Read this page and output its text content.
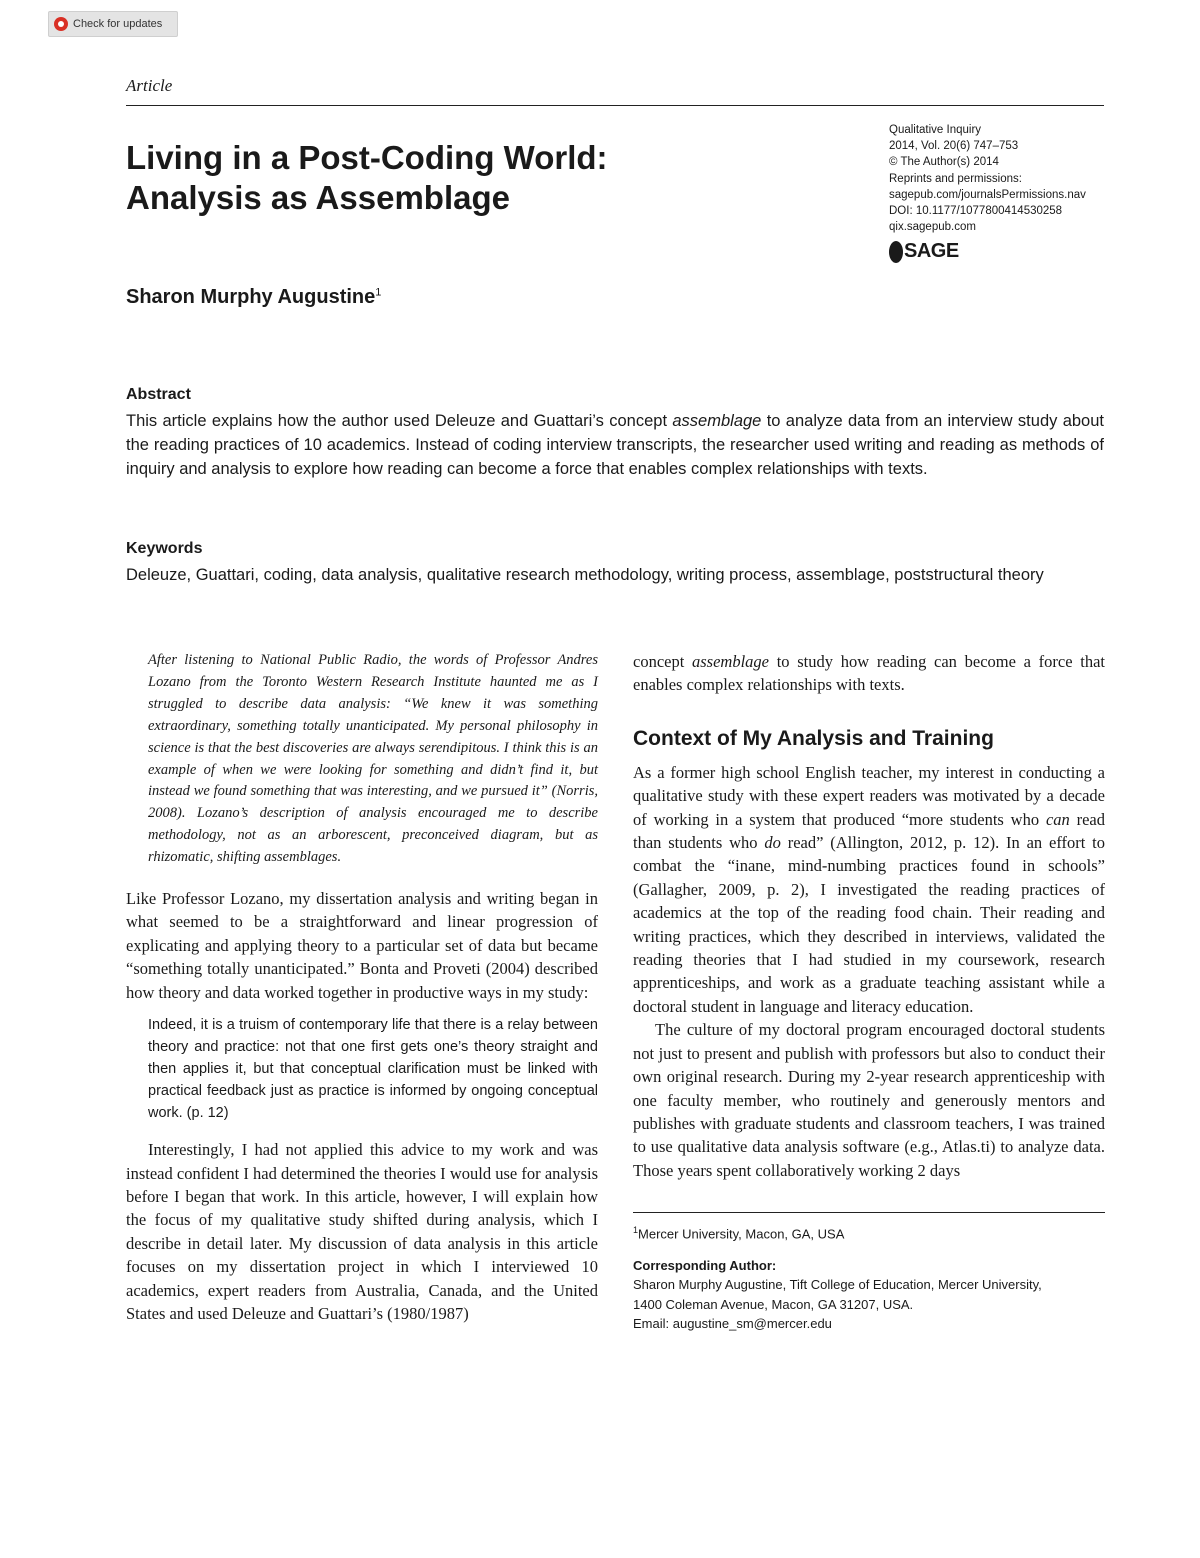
Check for updates
Article
Living in a Post-Coding World:
Analysis as Assemblage
Qualitative Inquiry
2014, Vol. 20(6) 747–753
© The Author(s) 2014
Reprints and permissions:
sagepub.com/journalsPermissions.nav
DOI: 10.1177/1077800414530258
qix.sagepub.com
SAGE
Sharon Murphy Augustine$^1$
Abstract

This article explains how the author used Deleuze and Guattari’s concept assemblage to analyze data from an interview study about the reading practices of 10 academics. Instead of coding interview transcripts, the researcher used writing and reading as methods of inquiry and analysis to explore how reading can become a force that enables complex relationships with texts.

Keywords

Deleuze, Guattari, coding, data analysis, qualitative research methodology, writing process, assemblage, poststructural theory

After listening to National Public Radio, the words of Professor Andres Lozano from the Toronto Western Research Institute haunted me as I struggled to describe data analysis: “We knew it was something extraordinary, something totally unanticipated. My personal philosophy in science is that the best discoveries are always serendipitous. I think this is an example of when we were looking for something and didn’t find it, but instead we found something that was interesting, and we pursued it” (Norris, 2008). Lozano’s description of analysis encouraged me to describe methodology, not as an arborescent, preconceived diagram, but as rhizomatic, shifting assemblages.

Like Professor Lozano, my dissertation analysis and writing began in what seemed to be a straightforward and linear progression of explicating and applying theory to a particular set of data but became “something totally unanticipated.” Bonta and Proveti (2004) described how theory and data worked together in productive ways in my study:

Indeed, it is a truism of contemporary life that there is a relay between theory and practice: not that one first gets one’s theory straight and then applies it, but that conceptual clarification must be linked with practical feedback just as practice is informed by ongoing conceptual work. (p. 12)

Interestingly, I had not applied this advice to my work and was instead confident I had determined the theories I would use for analysis before I began that work. In this article, however, I will explain how the focus of my qualitative study shifted during analysis, which I describe in detail later. My discussion of data analysis in this article focuses on my dissertation project in which I interviewed 10 academics, expert readers from Australia, Canada, and the United States and used Deleuze and Guattari’s (1980/1987)

concept assemblage to study how reading can become a force that enables complex relationships with texts.

Context of My Analysis and Training

As a former high school English teacher, my interest in conducting a qualitative study with these expert readers was motivated by a decade of working in a system that produced “more students who can read than students who do read” (Allington, 2012, p. 12). In an effort to combat the “inane, mind-numbing practices found in schools” (Gallagher, 2009, p. 2), I investigated the reading practices of academics at the top of the reading food chain. Their reading and writing practices, which they described in interviews, validated the reading theories that I had studied in my coursework, research apprenticeships, and work as a graduate teaching assistant while a doctoral student in language and literacy education.

The culture of my doctoral program encouraged doctoral students not just to present and publish with professors but also to conduct their own original research. During my 2-year research apprenticeship with one faculty member, who routinely and generously mentors and publishes with graduate students and classroom teachers, I was trained to use qualitative data analysis software (e.g., Atlas.ti) to analyze data. Those years spent collaboratively working 2 days

$^1$Mercer University, Macon, GA, USA

Corresponding Author:

Sharon Murphy Augustine, Tift College of Education, Mercer University,

1400 Coleman Avenue, Macon, GA 31207, USA.

Email: augustine_sm@mercer.edu
